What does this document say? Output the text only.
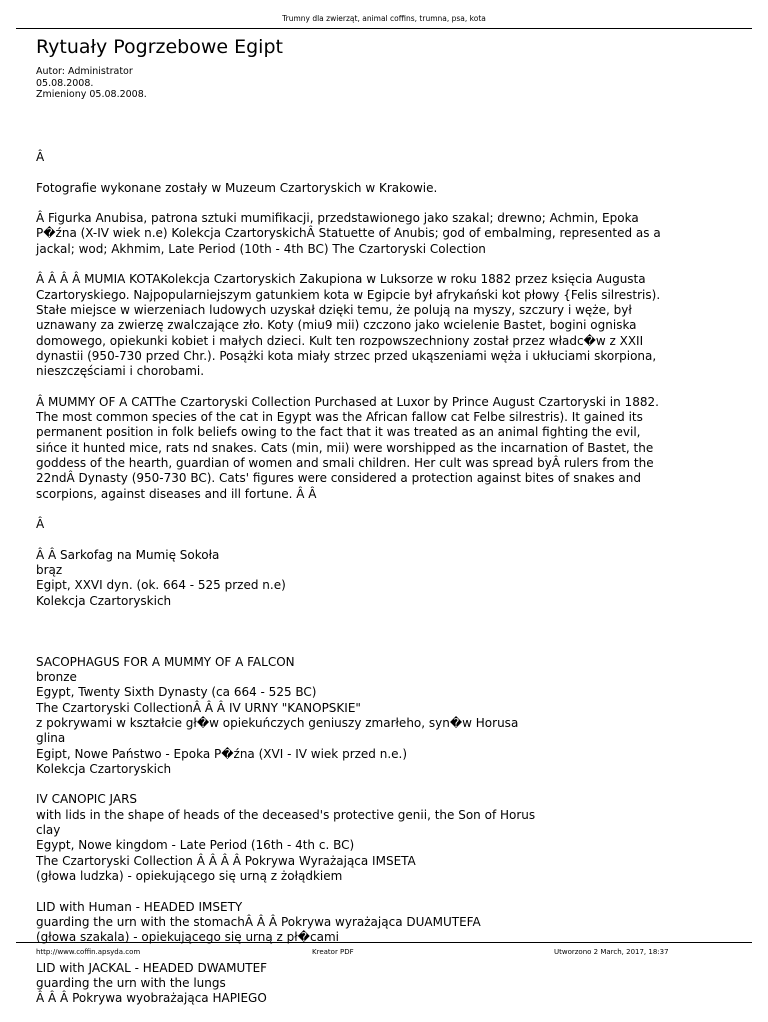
Trumny dla zwierząt, animal coffins, trumna, psa, kota
Rytuały Pogrzebowe Egipt
Autor: Administrator
05.08.2008.
Zmieniony 05.08.2008.

Â

Fotografie wykonane zostały w Muzeum Czartoryskich w Krakowie.

Â Figurka Anubisa, patrona sztuki mumifikacji, przedstawionego jako szakal; drewno; Achmin, Epoka
P�źna (X-IV wiek n.e) Kolekcja CzartoryskichÂ Statuette of Anubis; god of embalming, represented as a
jackal; wod; Akhmim, Late Period (10th - 4th BC) The Czartoryski Colection

Â Â Â Â MUMIA KOTAKolekcja Czartoryskich Zakupiona w Luksorze w roku 1882 przez księcia Augusta
Czartoryskiego. Najpopularniejszym gatunkiem kota w Egipcie był afrykański kot płowy {Felis silrestris).
Stałe miejsce w wierzeniach ludowych uzyskał dzięki temu, że polują na myszy, szczury i węże, był
uznawany za zwierzę zwalczające zło. Koty (miu9 mii) czczono jako wcielenie Bastet, bogini ogniska
domowego, opiekunki kobiet i małych dzieci. Kult ten rozpowszechniony został przez władc�w z XXII
dynastii (950-730 przed Chr.). Posążki kota miały strzec przed ukąszeniami węża i ukłuciami skorpiona,
nieszczęściami i chorobami.

Â MUMMY OF A CATThe Czartoryski Collection Purchased at Luxor by Prince August Czartoryski in 1882.
The most common species of the cat in Egypt was the African fallow cat Felbe silrestris). It gained its
permanent position in folk beliefs owing to the fact that it was treated as an animal fighting the evil,
sińce it hunted mice, rats nd snakes. Cats (min, mii) were worshipped as the incarnation of Bastet, the
goddess of the hearth, guardian of women and smali children. Her cult was spread byÂ rulers from the
22ndÂ Dynasty (950-730 BC). Cats' figures were considered a protection against bites of snakes and
scorpions, against diseases and ill fortune. Â Â

Â

Â Â Sarkofag na Mumię Sokoła
brąz
Egipt, XXVI dyn. (ok. 664 - 525 przed n.e)
Kolekcja Czartoryskich

SACOPHAGUS FOR A MUMMY OF A FALCON
bronze
Egypt, Twenty Sixth Dynasty (ca 664 - 525 BC)
The Czartoryski CollectionÂ Â Â IV URNY "KANOPSKIE"
z pokrywami w kształcie gł�w opiekuńczych geniuszy zmarłeho, syn�w Horusa
glina
Egipt, Nowe Państwo - Epoka P�źna (XVI - IV wiek przed n.e.)
Kolekcja Czartoryskich

IV CANOPIC JARS
with lids in the shape of heads of the deceased's protective genii, the Son of Horus
clay
Egypt, Nowe kingdom - Late Period (16th - 4th c. BC)
The Czartoryski Collection Â Â Â Â Pokrywa Wyrażająca IMSETA
(głowa ludzka) - opiekującego się urną z żołądkiem

LID with Human - HEADED IMSETY
guarding the urn with the stomachÂ Â Â Pokrywa wyrażająca DUAMUTEFA
(głowa szakala) - opiekującego się urną z pł�cami

LID with JACKAL - HEADED DWAMUTEF
guarding the urn with the lungs
Â Â Â Pokrywa wyobrażająca HAPIEGO

http://www.coffin.apsyda.com	Kreator PDF	Utworzono 2 March, 2017, 18:37
